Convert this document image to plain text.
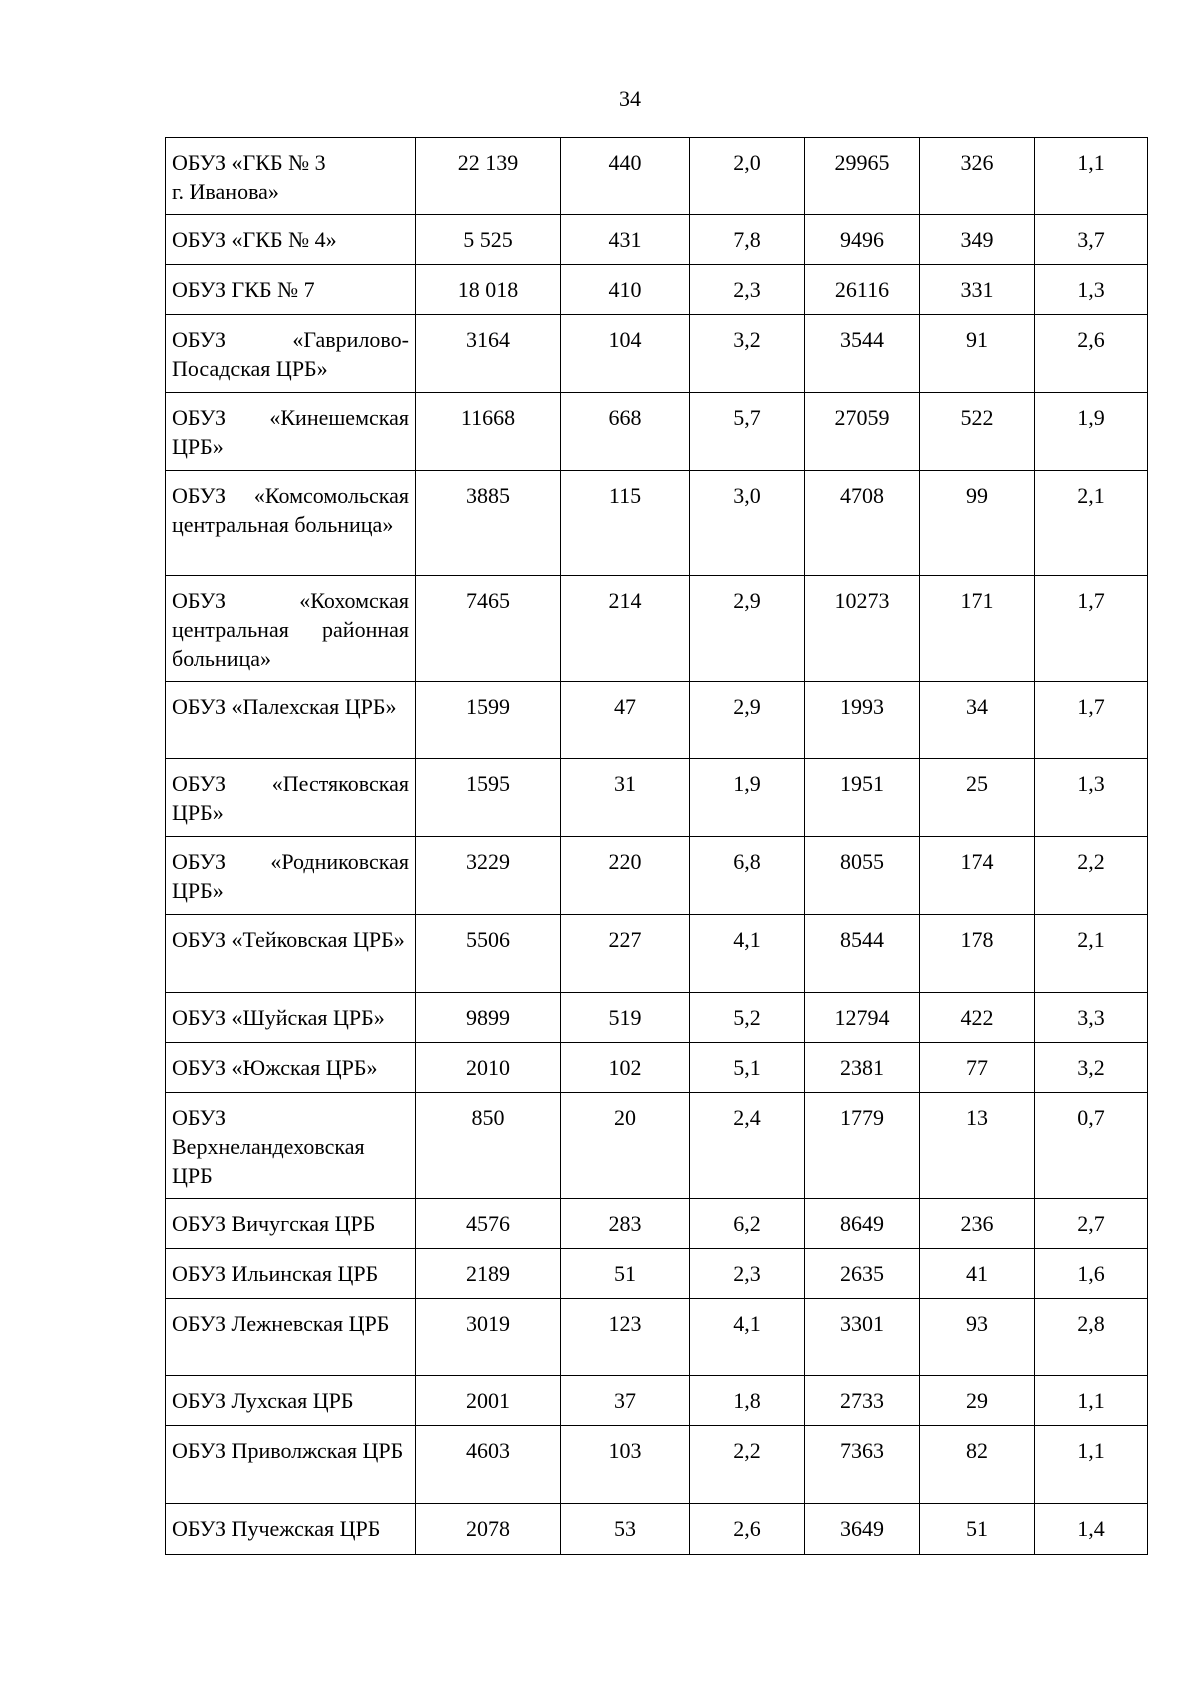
34
ОБУЗ «ГКБ № 3
г. Иванова»	22 139	440	2,0	29965	326	1,1
ОБУЗ «ГКБ № 4»	5 525	431	7,8	9496	349	3,7
ОБУЗ ГКБ № 7	18 018	410	2,3	26116	331	1,3
ОБУЗ «Гаврилово-Посадская ЦРБ»	3164	104	3,2	3544	91	2,6
ОБУЗ «Кинешемская ЦРБ»	11668	668	5,7	27059	522	1,9
ОБУЗ «Комсомольская центральная больница»	3885	115	3,0	4708	99	2,1
ОБУЗ «Кохомская центральная районная больница»	7465	214	2,9	10273	171	1,7
ОБУЗ «Палехская ЦРБ»	1599	47	2,9	1993	34	1,7
ОБУЗ «Пестяковская ЦРБ»	1595	31	1,9	1951	25	1,3
ОБУЗ «Родниковская ЦРБ»	3229	220	6,8	8055	174	2,2
ОБУЗ «Тейковская ЦРБ»	5506	227	4,1	8544	178	2,1
ОБУЗ «Шуйская ЦРБ»	9899	519	5,2	12794	422	3,3
ОБУЗ «Южская ЦРБ»	2010	102	5,1	2381	77	3,2
ОБУЗ Верхнеландеховская ЦРБ	850	20	2,4	1779	13	0,7
ОБУЗ Вичугская ЦРБ	4576	283	6,2	8649	236	2,7
ОБУЗ Ильинская ЦРБ	2189	51	2,3	2635	41	1,6
ОБУЗ Лежневская ЦРБ	3019	123	4,1	3301	93	2,8
ОБУЗ Лухская ЦРБ	2001	37	1,8	2733	29	1,1
ОБУЗ Приволжская ЦРБ	4603	103	2,2	7363	82	1,1
ОБУЗ Пучежская ЦРБ	2078	53	2,6	3649	51	1,4
